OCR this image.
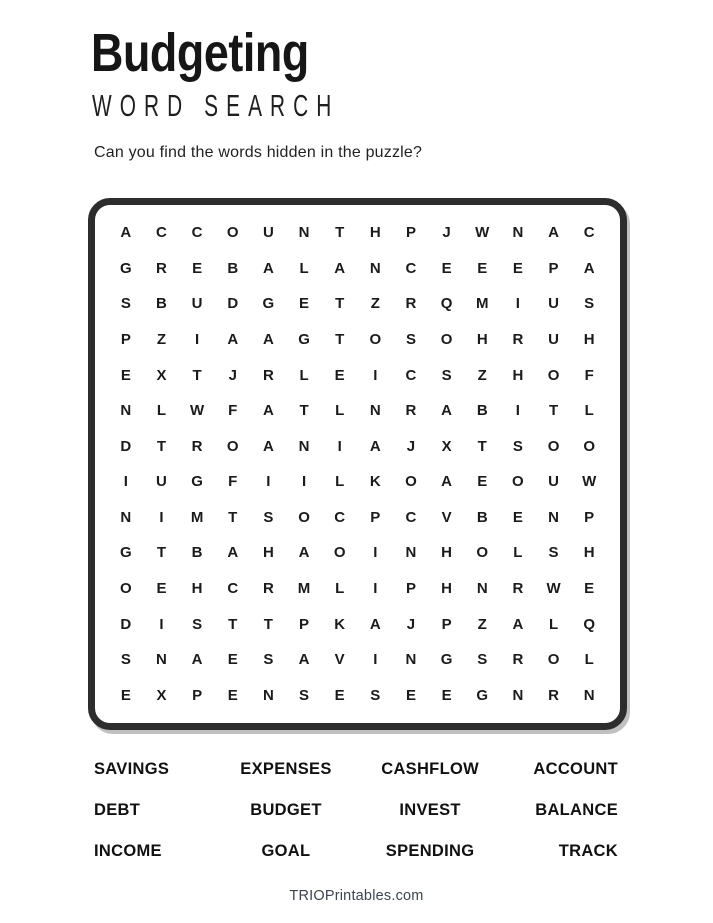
Budgeting
WORD SEARCH

Can you find the words hidden in the puzzle?

A	C	C	O	U	N	T	H	P	J	W	N	A	C
G	R	E	B	A	L	A	N	C	E	E	E	P	A
S	B	U	D	G	E	T	Z	R	Q	M	I	U	S
P	Z	I	A	A	G	T	O	S	O	H	R	U	H
E	X	T	J	R	L	E	I	C	S	Z	H	O	F
N	L	W	F	A	T	L	N	R	A	B	I	T	L
D	T	R	O	A	N	I	A	J	X	T	S	O	O
I	U	G	F	I	I	L	K	O	A	E	O	U	W
N	I	M	T	S	O	C	P	C	V	B	E	N	P
G	T	B	A	H	A	O	I	N	H	O	L	S	H
O	E	H	C	R	M	L	I	P	H	N	R	W	E
D	I	S	T	T	P	K	A	J	P	Z	A	L	Q
S	N	A	E	S	A	V	I	N	G	S	R	O	L
E	X	P	E	N	S	E	S	E	E	G	N	R	N
SAVINGS	EXPENSES	CASHFLOW	ACCOUNT
DEBT	BUDGET	INVEST	BALANCE
INCOME	GOAL	SPENDING	TRACK
TRIOPrintables.com
